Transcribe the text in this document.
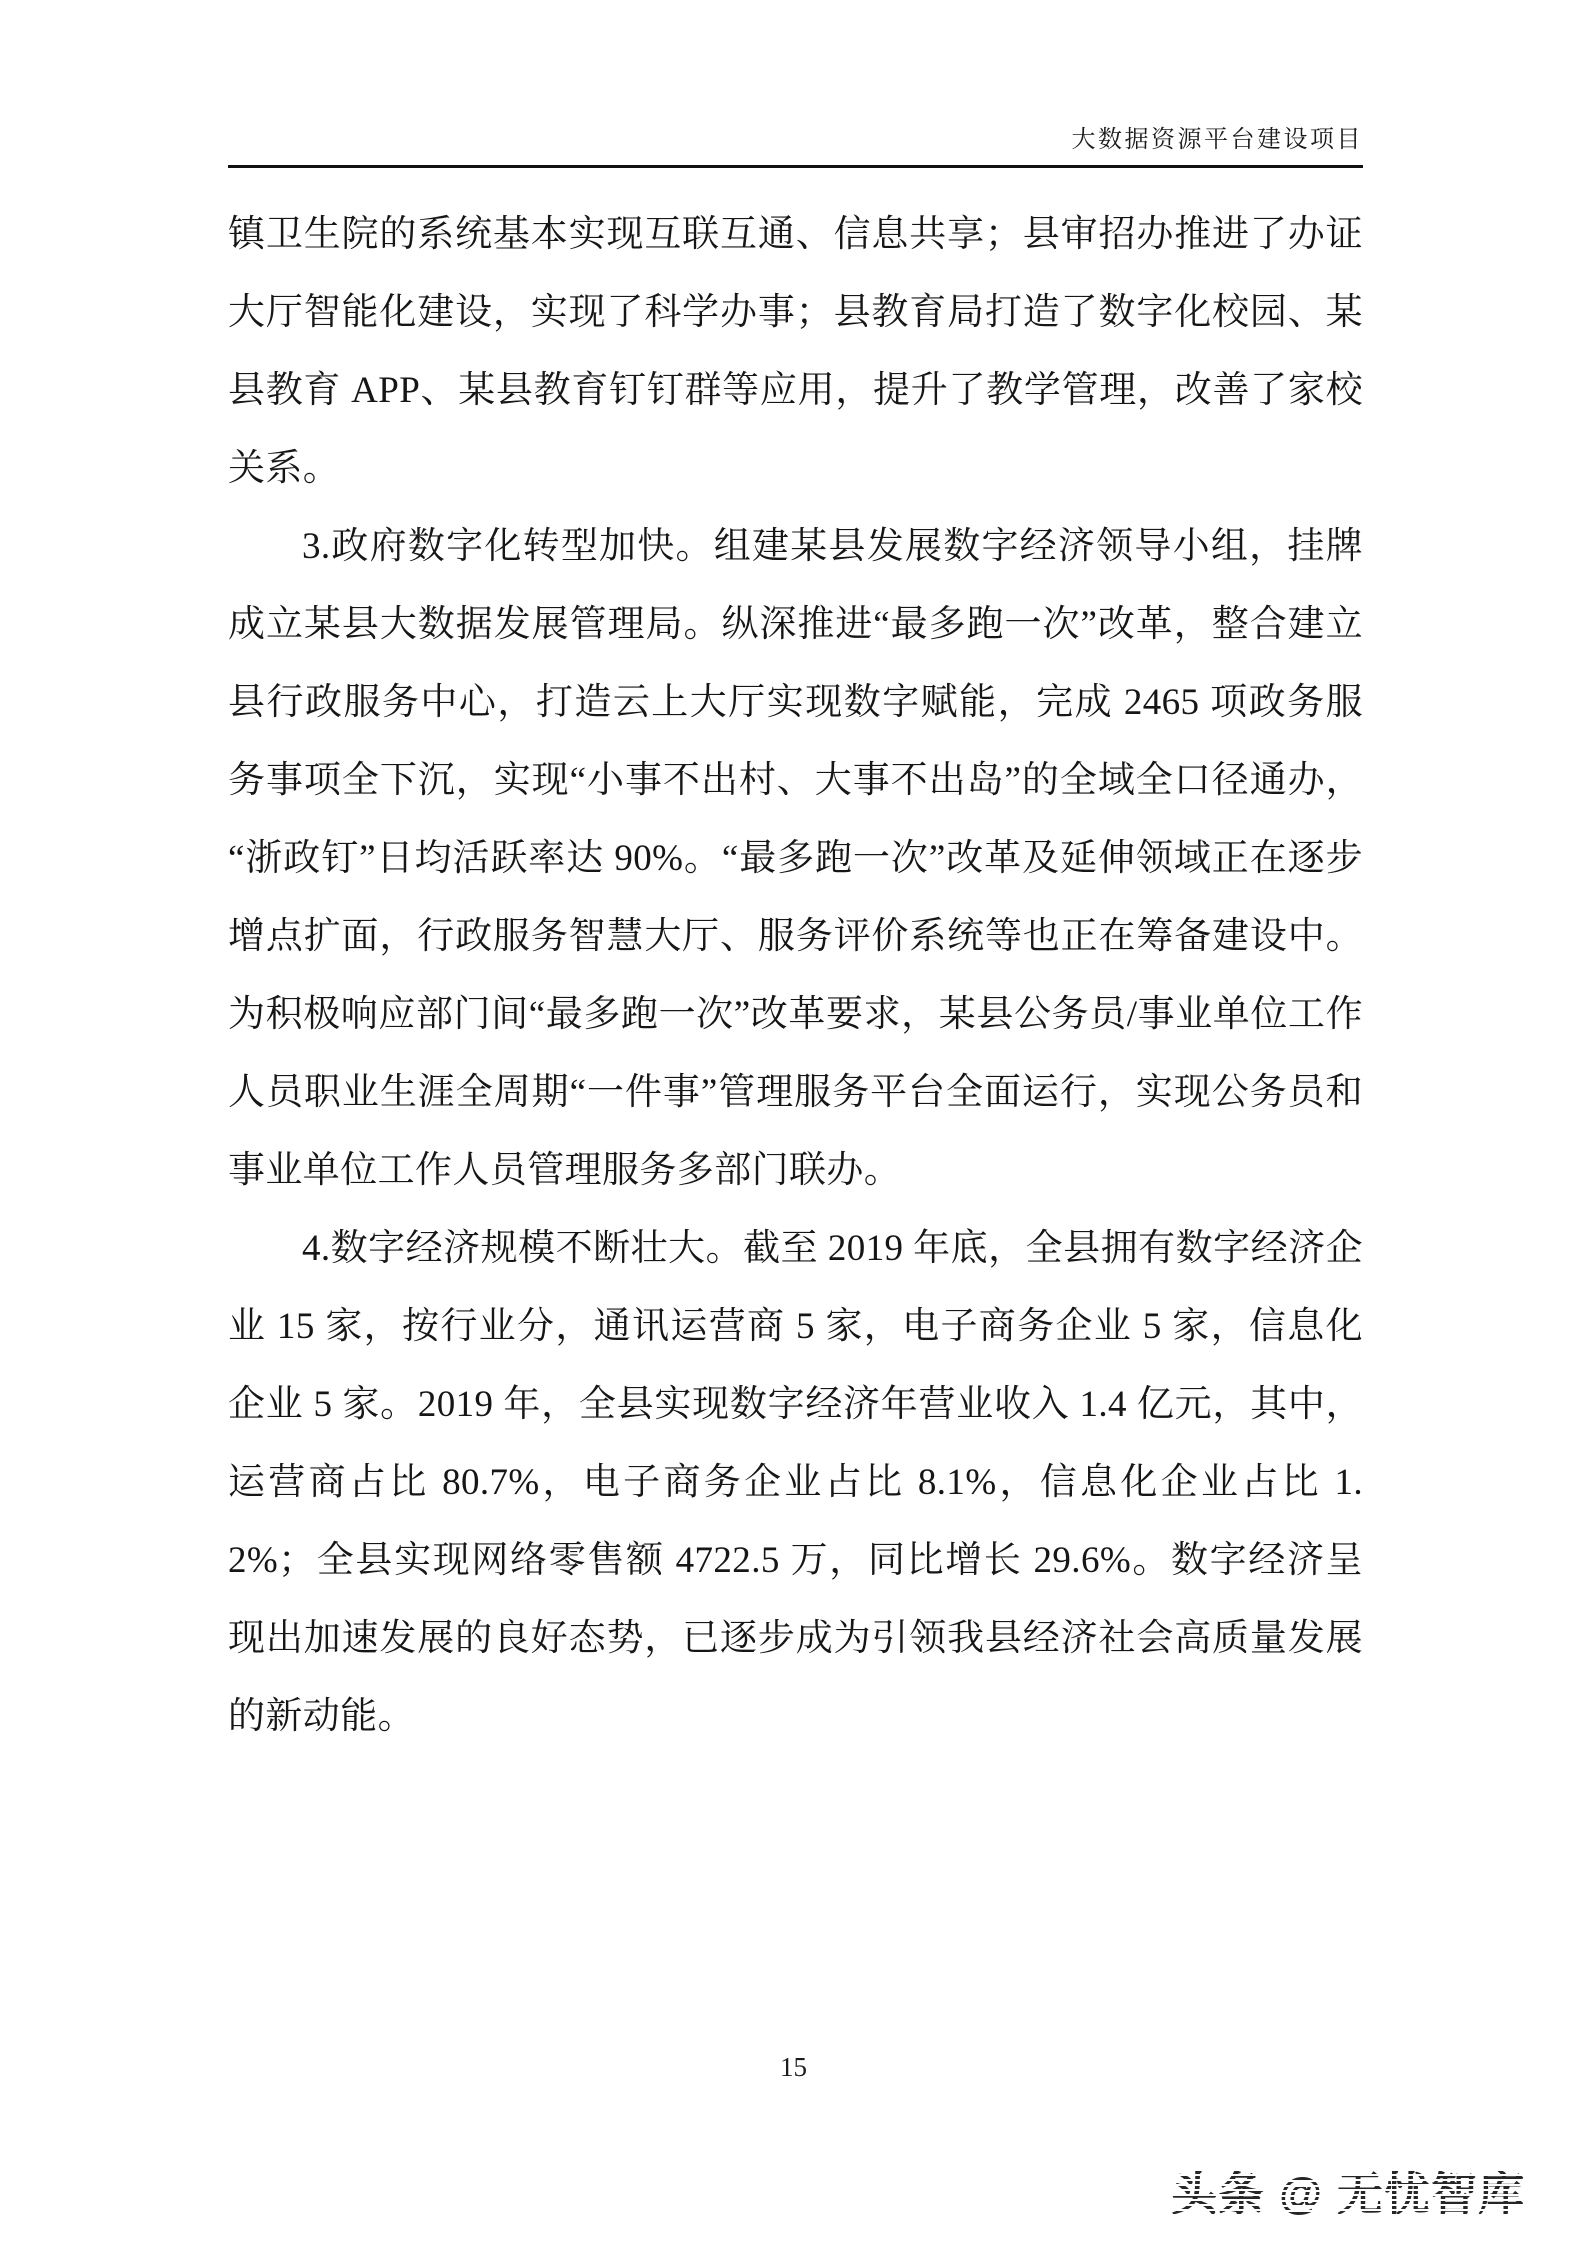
大数据资源平台建设项目

镇卫生院的系统基本实现互联互通、信息共享；县审招办推进了办证大厅智能化建设，实现了科学办事；县教育局打造了数字化校园、某县教育 APP、某县教育钉钉群等应用，提升了教学管理，改善了家校关系。

3.政府数字化转型加快。组建某县发展数字经济领导小组，挂牌成立某县大数据发展管理局。纵深推进“最多跑一次”改革，整合建立县行政服务中心，打造云上大厅实现数字赋能，完成 2465 项政务服务事项全下沉，实现“小事不出村、大事不出岛”的全域全口径通办，“浙政钉”日均活跃率达 90%。“最多跑一次”改革及延伸领域正在逐步增点扩面，行政服务智慧大厅、服务评价系统等也正在筹备建设中。为积极响应部门间“最多跑一次”改革要求，某县公务员/事业单位工作人员职业生涯全周期“一件事”管理服务平台全面运行，实现公务员和事业单位工作人员管理服务多部门联办。

4.数字经济规模不断壮大。截至 2019 年底，全县拥有数字经济企业 15 家，按行业分，通讯运营商 5 家，电子商务企业 5 家，信息化企业 5 家。2019 年，全县实现数字经济年营业收入 1.4 亿元，其中，运营商占比 80.7%，电子商务企业占比 8.1%，信息化企业占比 1.2%；全县实现网络零售额 4722.5 万，同比增长 29.6%。数字经济呈现出加速发展的良好态势，已逐步成为引领我县经济社会高质量发展的新动能。

15
头条 @ 无忧智库
